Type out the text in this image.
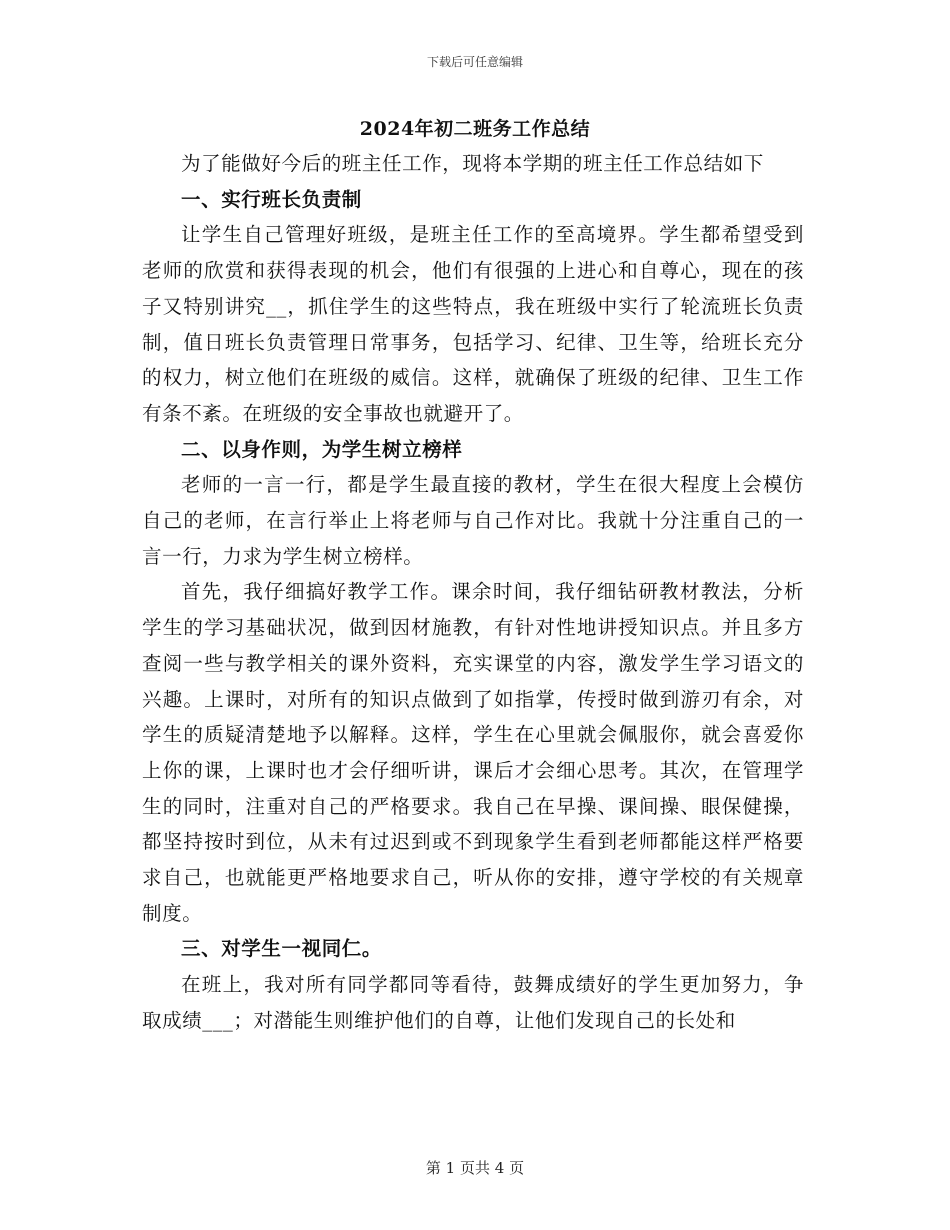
下载后可任意编辑
2024年初二班务工作总结

为了能做好今后的班主任工作，现将本学期的班主任工作总结如下

一、实行班长负责制

让学生自己管理好班级，是班主任工作的至高境界。学生都希望受到老师的欣赏和获得表现的机会，他们有很强的上进心和自尊心，现在的孩子又特别讲究__，抓住学生的这些特点，我在班级中实行了轮流班长负责制，值日班长负责管理日常事务，包括学习、纪律、卫生等，给班长充分的权力，树立他们在班级的威信。这样，就确保了班级的纪律、卫生工作有条不紊。在班级的安全事故也就避开了。

二、以身作则，为学生树立榜样

老师的一言一行，都是学生最直接的教材，学生在很大程度上会模仿自己的老师，在言行举止上将老师与自己作对比。我就十分注重自己的一言一行，力求为学生树立榜样。

首先，我仔细搞好教学工作。课余时间，我仔细钻研教材教法，分析学生的学习基础状况，做到因材施教，有针对性地讲授知识点。并且多方查阅一些与教学相关的课外资料，充实课堂的内容，激发学生学习语文的兴趣。上课时，对所有的知识点做到了如指掌，传授时做到游刃有余，对学生的质疑清楚地予以解释。这样，学生在心里就会佩服你，就会喜爱你上你的课，上课时也才会仔细听讲，课后才会细心思考。其次，在管理学生的同时，注重对自己的严格要求。我自己在早操、课间操、眼保健操，都坚持按时到位，从未有过迟到或不到现象学生看到老师都能这样严格要求自己，也就能更严格地要求自己，听从你的安排，遵守学校的有关规章制度。

三、对学生一视同仁。

在班上，我对所有同学都同等看待，鼓舞成绩好的学生更加努力，争取成绩___；对潜能生则维护他们的自尊，让他们发现自己的长处和

第 1 页共 4 页
